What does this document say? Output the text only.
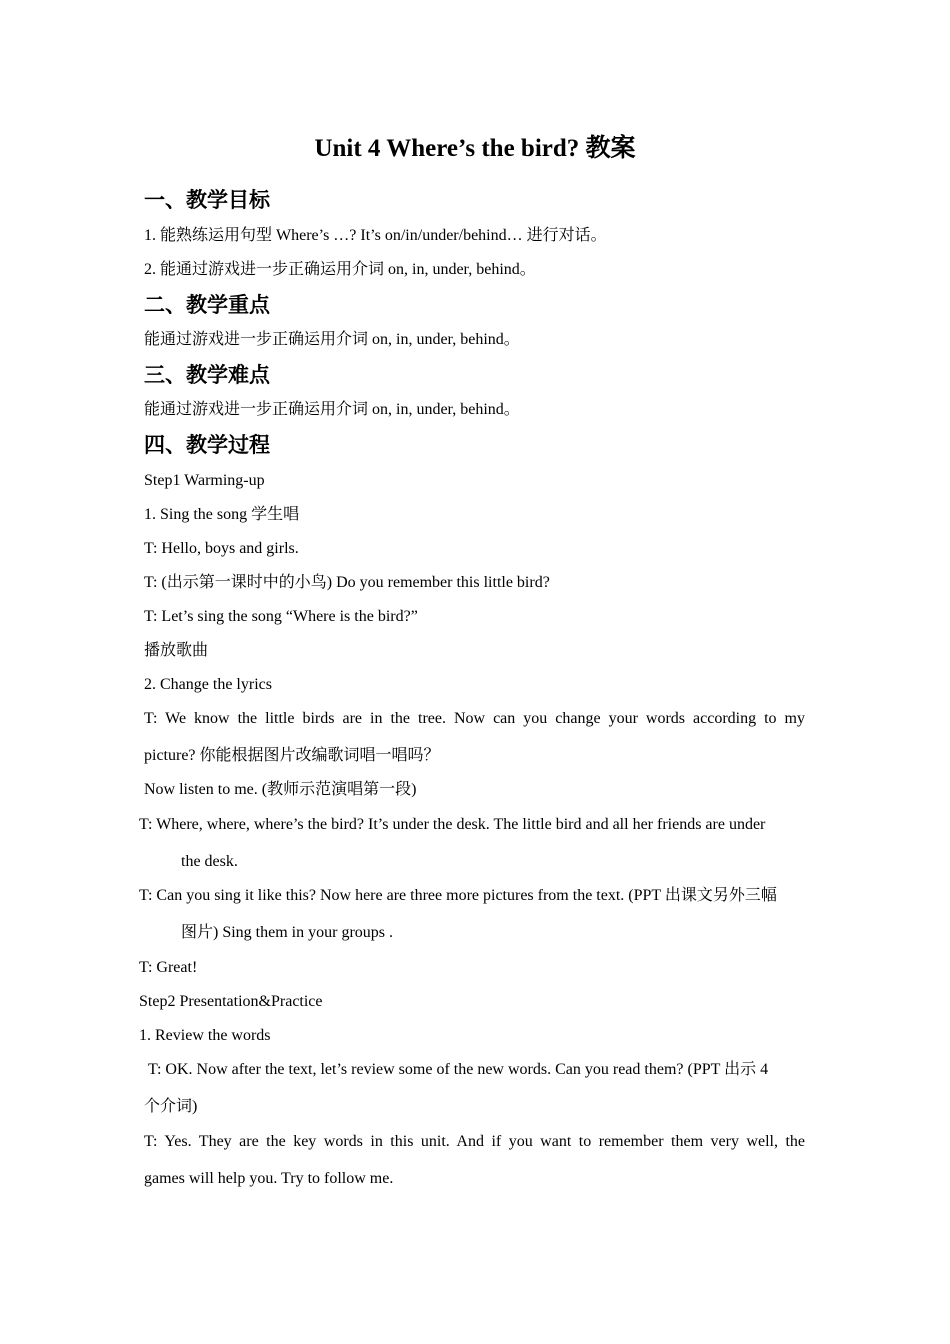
Unit 4 Where’s the bird? 教案
一、教学目标
1. 能熟练运用句型 Where’s …? It’s on/in/under/behind… 进行对话。
2. 能通过游戏进一步正确运用介词 on, in, under, behind。
二、教学重点
能通过游戏进一步正确运用介词 on, in, under, behind。
三、教学难点
能通过游戏进一步正确运用介词 on, in, under, behind。
四、教学过程
Step1 Warming-up
1. Sing the song 学生唱
T: Hello, boys and girls.
T: (出示第一课时中的小鸟) Do you remember this little bird?
T: Let’s sing the song “Where is the bird?”
播放歌曲
2. Change the lyrics
T: We know the little birds are in the tree. Now can you change your words according to my
picture? 你能根据图片改编歌词唱一唱吗？
Now listen to me. (教师示范演唱第一段)
T: Where, where, where’s the bird? It’s under the desk. The little bird and all her friends are under
the desk.
T: Can you sing it like this? Now here are three more pictures from the text. (PPT 出课文另外三幅
图片) Sing them in your groups .
T: Great!
Step2 Presentation&Practice
1. Review the words
T: OK. Now after the text, let’s review some of the new words. Can you read them? (PPT 出示 4
个介词)
T: Yes. They are the key words in this unit. And if you want to remember them very well, the
games will help you. Try to follow me.
